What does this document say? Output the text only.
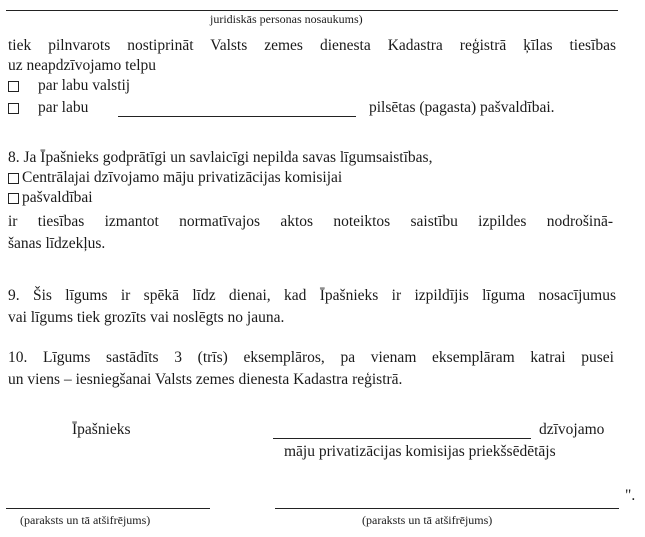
juridiskās personas nosaukums)
tiek pilnvarots nostiprināt Valsts zemes dienesta Kadastra reģistrā ķīlas tiesības
uz neapdzīvojamo telpu
par labu valstij
par labu	pilsētas (pagasta) pašvaldībai.
8. Ja Īpašnieks godprātīgi un savlaicīgi nepilda savas līgumsaistības,
Centrālajai dzīvojamo māju privatizācijas komisijai
pašvaldībai
ir tiesības izmantot normatīvajos aktos noteiktos saistību izpildes nodrošinā-
šanas līdzekļus.
9. Šis līgums ir spēkā līdz dienai, kad Īpašnieks ir izpildījis līguma nosacījumus
vai līgums tiek grozīts vai noslēgts no jauna.
10. Līgums sastādīts 3 (trīs) eksemplāros, pa vienam eksemplāram katrai pusei
un viens – iesniegšanai Valsts zemes dienesta Kadastra reģistrā.
Īpašnieks	dzīvojamo
māju privatizācijas komisijas priekšsēdētājs
".
(paraksts un tā atšifrējums)	(paraksts un tā atšifrējums)
